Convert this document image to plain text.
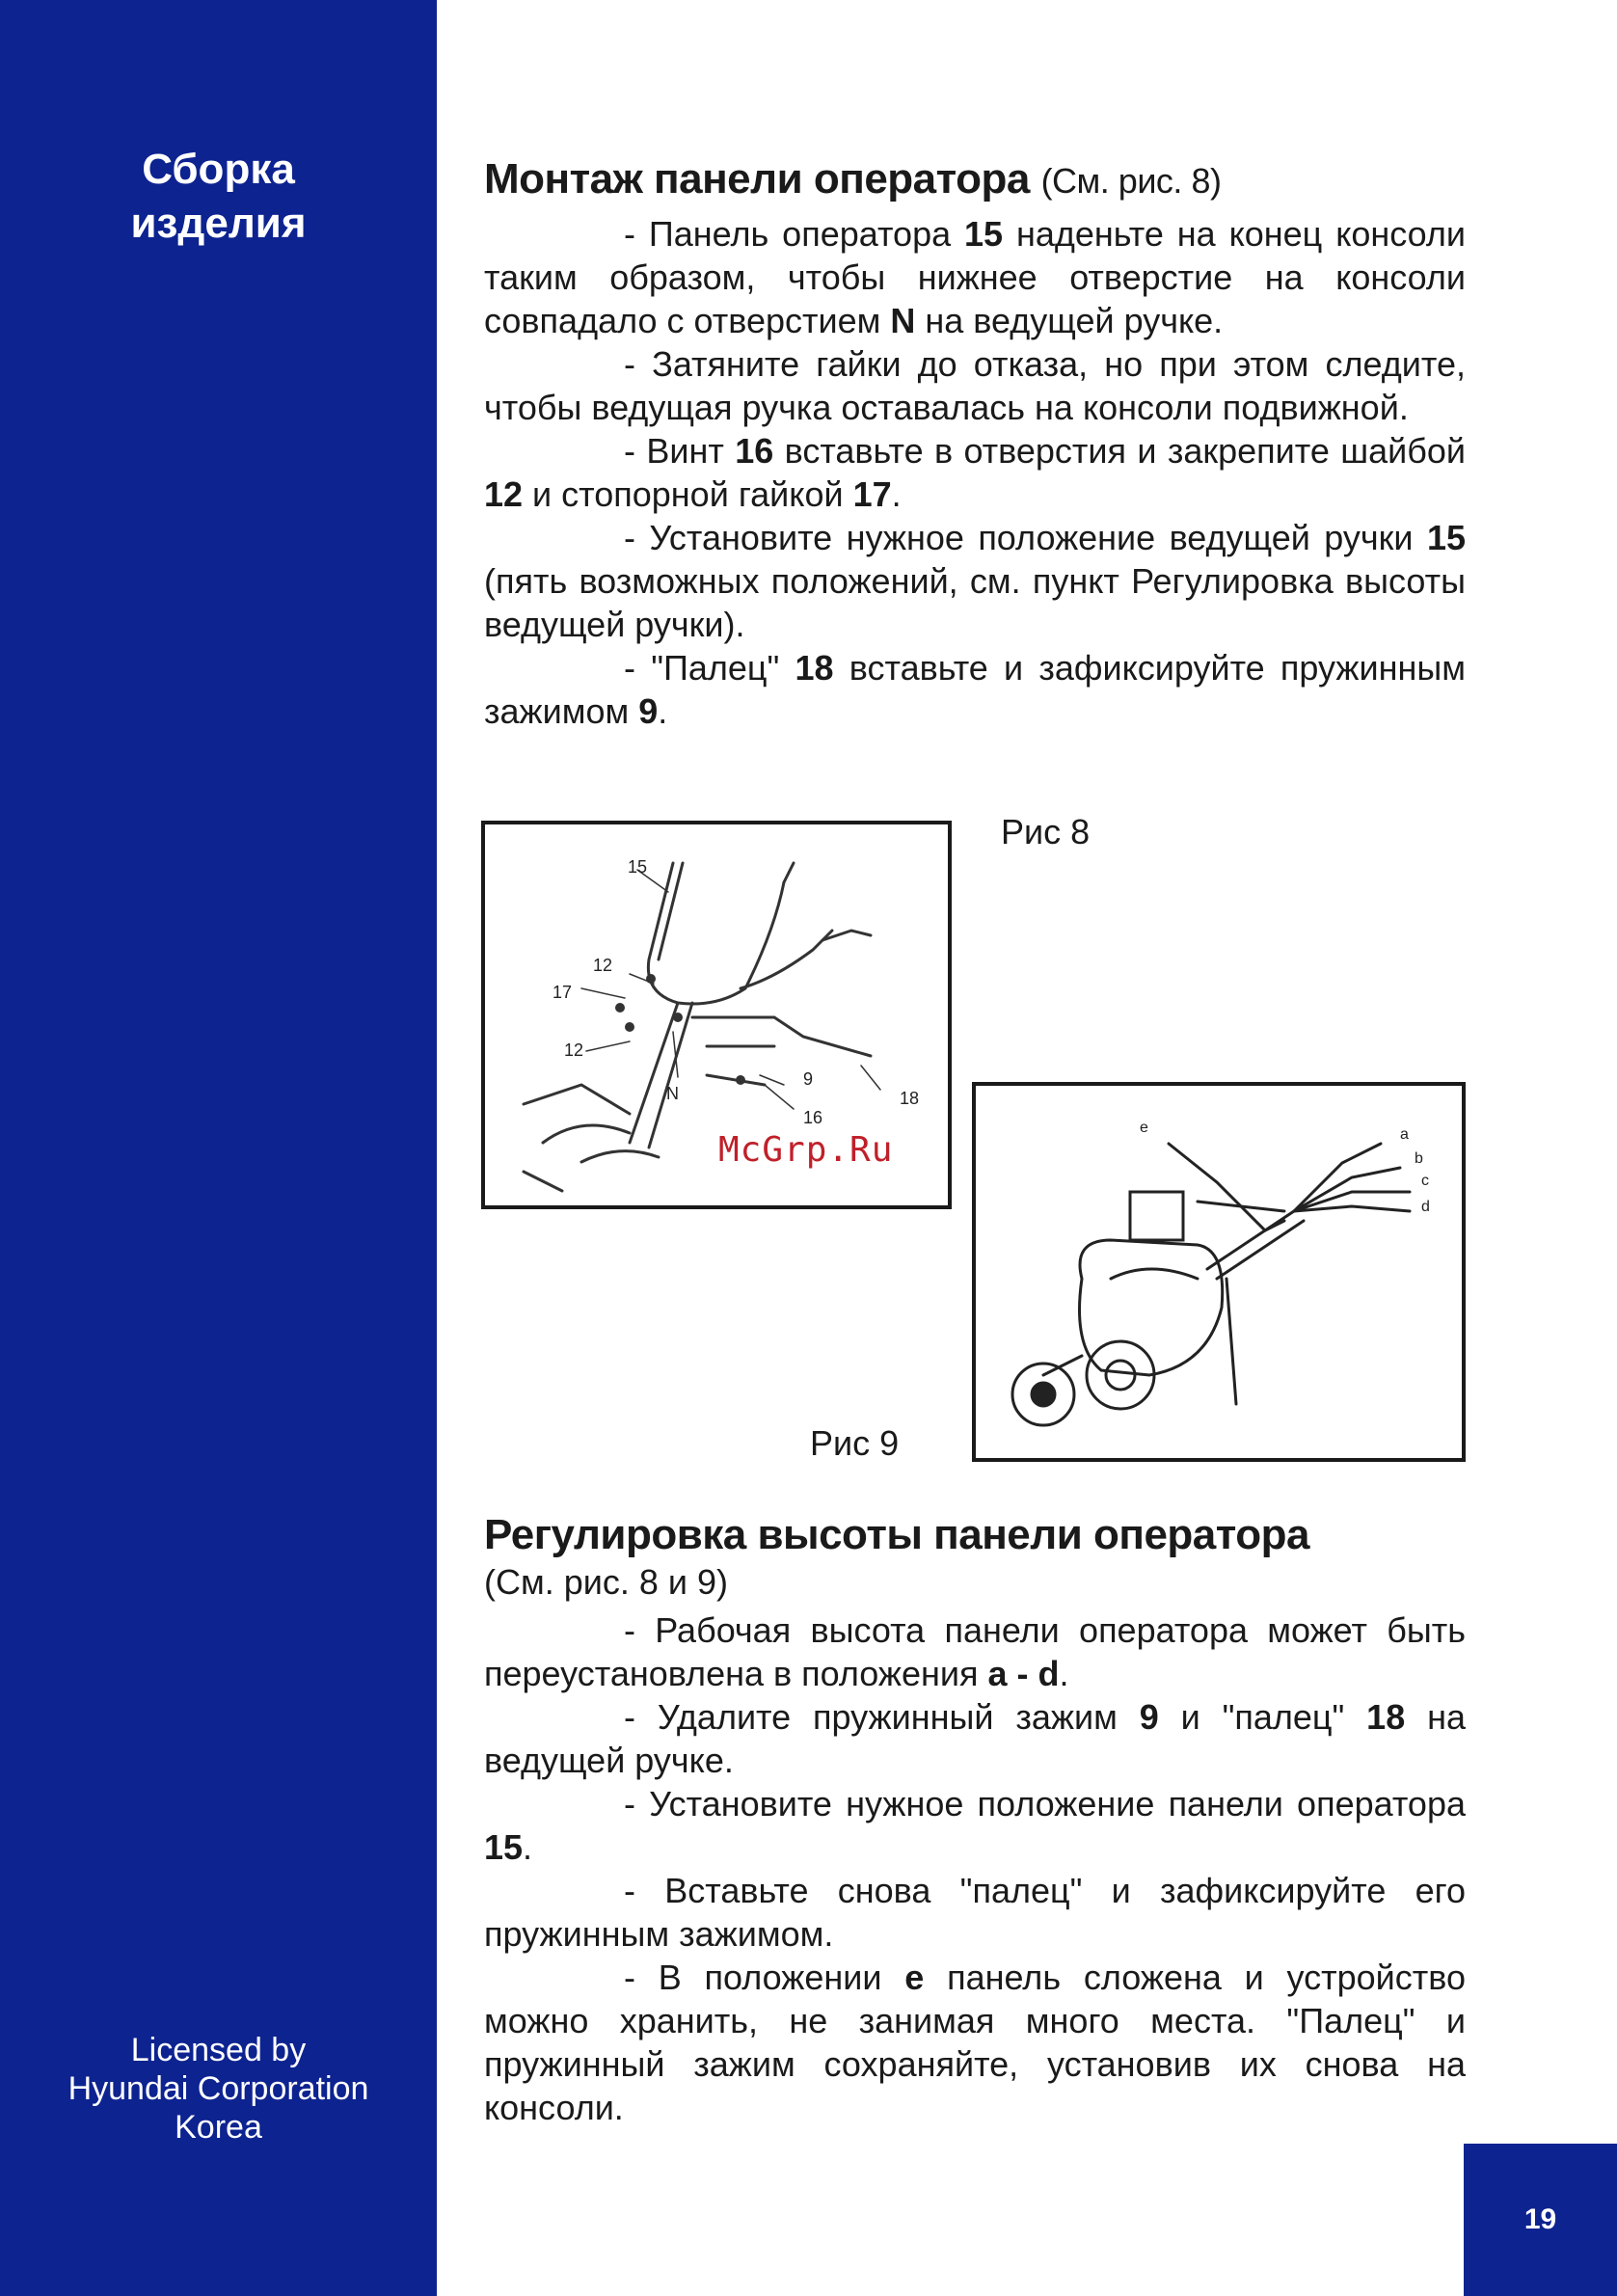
Сборка
изделия
Licensed by
Hyundai Corporation
Korea
19
Монтаж панели оператора (См. рис. 8)

- Панель оператора 15 наденьте на конец консоли таким образом, чтобы нижнее отверстие на консоли совпадало с отверстием N на ведущей ручке.

- Затяните гайки до отказа, но при этом следите, чтобы ведущая ручка оставалась на консоли подвижной.

- Винт 16 вставьте в отверстия и закрепите шайбой 12 и стопорной гайкой 17.

- Установите нужное положение ведущей ручки 15 (пять возможных положений, см. пункт Регулировка высоты ведущей ручки).

- "Палец" 18 вставьте и зафиксируйте пружинным зажимом 9.

15
12
17
12
N
9
16
18
Рис 8
McGrp.Ru
e	a
b
c
d
Рис 9
Регулировка высоты панели оператора

(См. рис. 8 и 9)

- Рабочая высота панели оператора может быть переустановлена в положения a - d.

- Удалите пружинный зажим 9 и "палец" 18 на ведущей ручке.

- Установите нужное положение панели оператора 15.

- Вставьте снова "палец" и зафиксируйте его пружинным зажимом.

- В положении e панель сложена и устройство можно хранить, не занимая много места. "Палец" и пружинный зажим сохраняйте, установив их снова на консоли.
